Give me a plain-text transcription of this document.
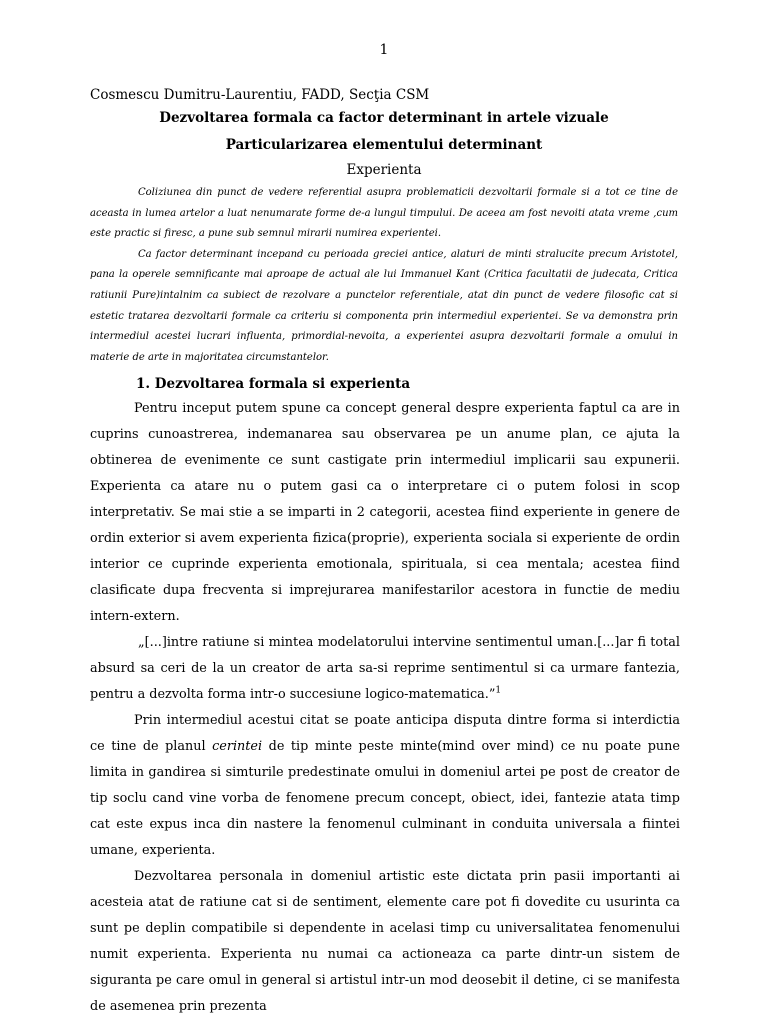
1
Cosmescu Dumitru-Laurentiu, FADD, Secţia CSM
Dezvoltarea formala ca factor determinant in artele vizuale
Particularizarea elementului determinant
Experienta

Coliziunea din punct de vedere referential asupra problematicii dezvoltarii formale si a tot ce tine de aceasta in lumea artelor a luat nenumarate forme de-a lungul timpului. De aceea am fost nevoiti atata vreme ,cum este practic si firesc, a pune sub semnul mirarii numirea experientei.

Ca factor determinant incepand cu perioada greciei antice, alaturi de minti stralucite precum Aristotel, pana la operele semnificante mai aproape de actual ale lui Immanuel Kant (Critica facultatii de judecata, Critica ratiunii Pure)intalnim ca subiect de rezolvare a punctelor referentiale, atat din punct de vedere filosofic cat si estetic tratarea dezvoltarii formale ca criteriu si componenta prin intermediul experientei. Se va demonstra prin intermediul acestei lucrari influenta, primordial-nevoita, a experientei asupra dezvoltarii formale a omului in materie de arte in majoritatea circumstantelor.

1. Dezvoltarea formala si experienta

Pentru inceput putem spune ca concept general despre experienta faptul ca are in cuprins cunoastrerea, indemanarea sau observarea pe un anume plan, ce ajuta la obtinerea de evenimente ce sunt castigate prin intermediul implicarii sau expunerii. Experienta ca atare nu o putem gasi ca o interpretare ci o putem folosi in scop interpretativ. Se mai stie a se imparti in 2 categorii, acestea fiind experiente in genere de ordin exterior si avem experienta fizica(proprie), experienta sociala si experiente de ordin interior ce cuprinde experienta emotionala, spirituala, si cea mentala; acestea fiind clasificate dupa frecventa si imprejurarea manifestarilor acestora in functie de mediu intern-extern.

„[...]intre ratiune si mintea modelatorului intervine sentimentul uman.[...]ar fi total absurd sa ceri de la un creator de arta sa-si reprime sentimentul si ca urmare fantezia, pentru a dezvolta forma intr-o succesiune logico-matematica.”$^1$

Prin intermediul acestui citat se poate anticipa disputa dintre forma si interdictia ce tine de planul cerintei de tip minte peste minte(mind over mind) ce nu poate pune limita in gandirea si simturile predestinate omului in domeniul artei pe post de creator de tip soclu cand vine vorba de fenomene precum concept, obiect, idei, fantezie atata timp cat este expus inca din nastere la fenomenul culminant in conduita universala a fiintei umane, experienta.

Dezvoltarea personala in domeniul artistic este dictata prin pasii importanti ai acesteia atat de ratiune cat si de sentiment, elemente care pot fi dovedite cu usurinta ca sunt pe deplin compatibile si dependente in acelasi timp cu universalitatea fenomenului numit experienta. Experienta nu numai ca actioneaza ca parte dintr-un sistem de siguranta pe care omul in general si artistul intr-un mod deosebit il detine, ci se manifesta de asemenea prin prezenta
